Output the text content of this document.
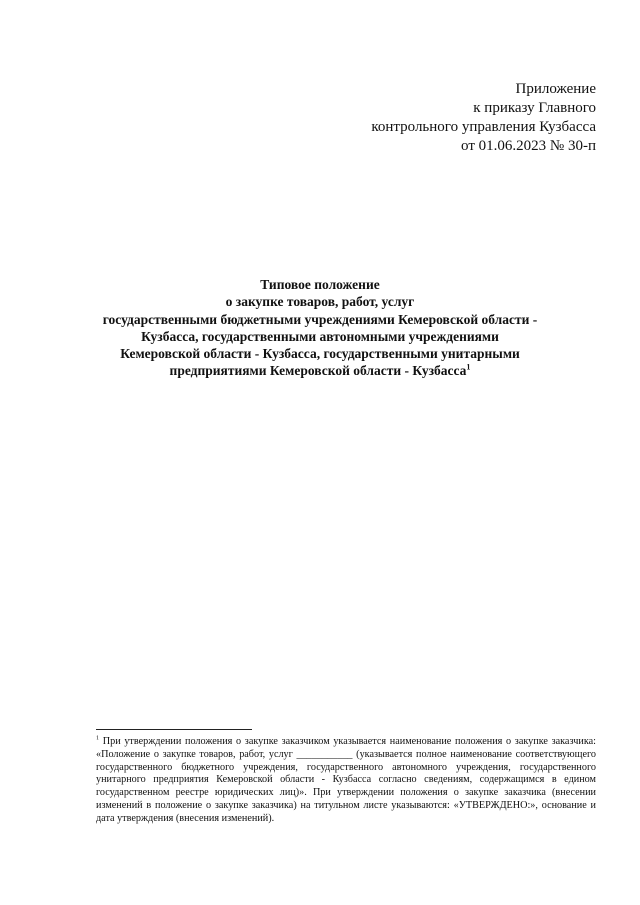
Приложение
к приказу Главного
контрольного управления Кузбасса
от 01.06.2023 № 30-п
Типовое положение
о закупке товаров, работ, услуг
государственными бюджетными учреждениями Кемеровской области -
Кузбасса, государственными автономными учреждениями
Кемеровской области - Кузбасса, государственными унитарными
предприятиями Кемеровской области - Кузбасса$^1$
$^1$ При утверждении положения о закупке заказчиком указывается наименование положения о закупке заказчика: «Положение о закупке товаров, работ, услуг ___________ (указывается полное наименование соответствующего государственного бюджетного учреждения, государственного автономного учреждения, государственного унитарного предприятия Кемеровской области - Кузбасса согласно сведениям, содержащимся в едином государственном реестре юридических лиц)». При утверждении положения о закупке заказчика (внесении изменений в положение о закупке заказчика) на титульном листе указываются: «УТВЕРЖДЕНО:», основание и дата утверждения (внесения изменений).
